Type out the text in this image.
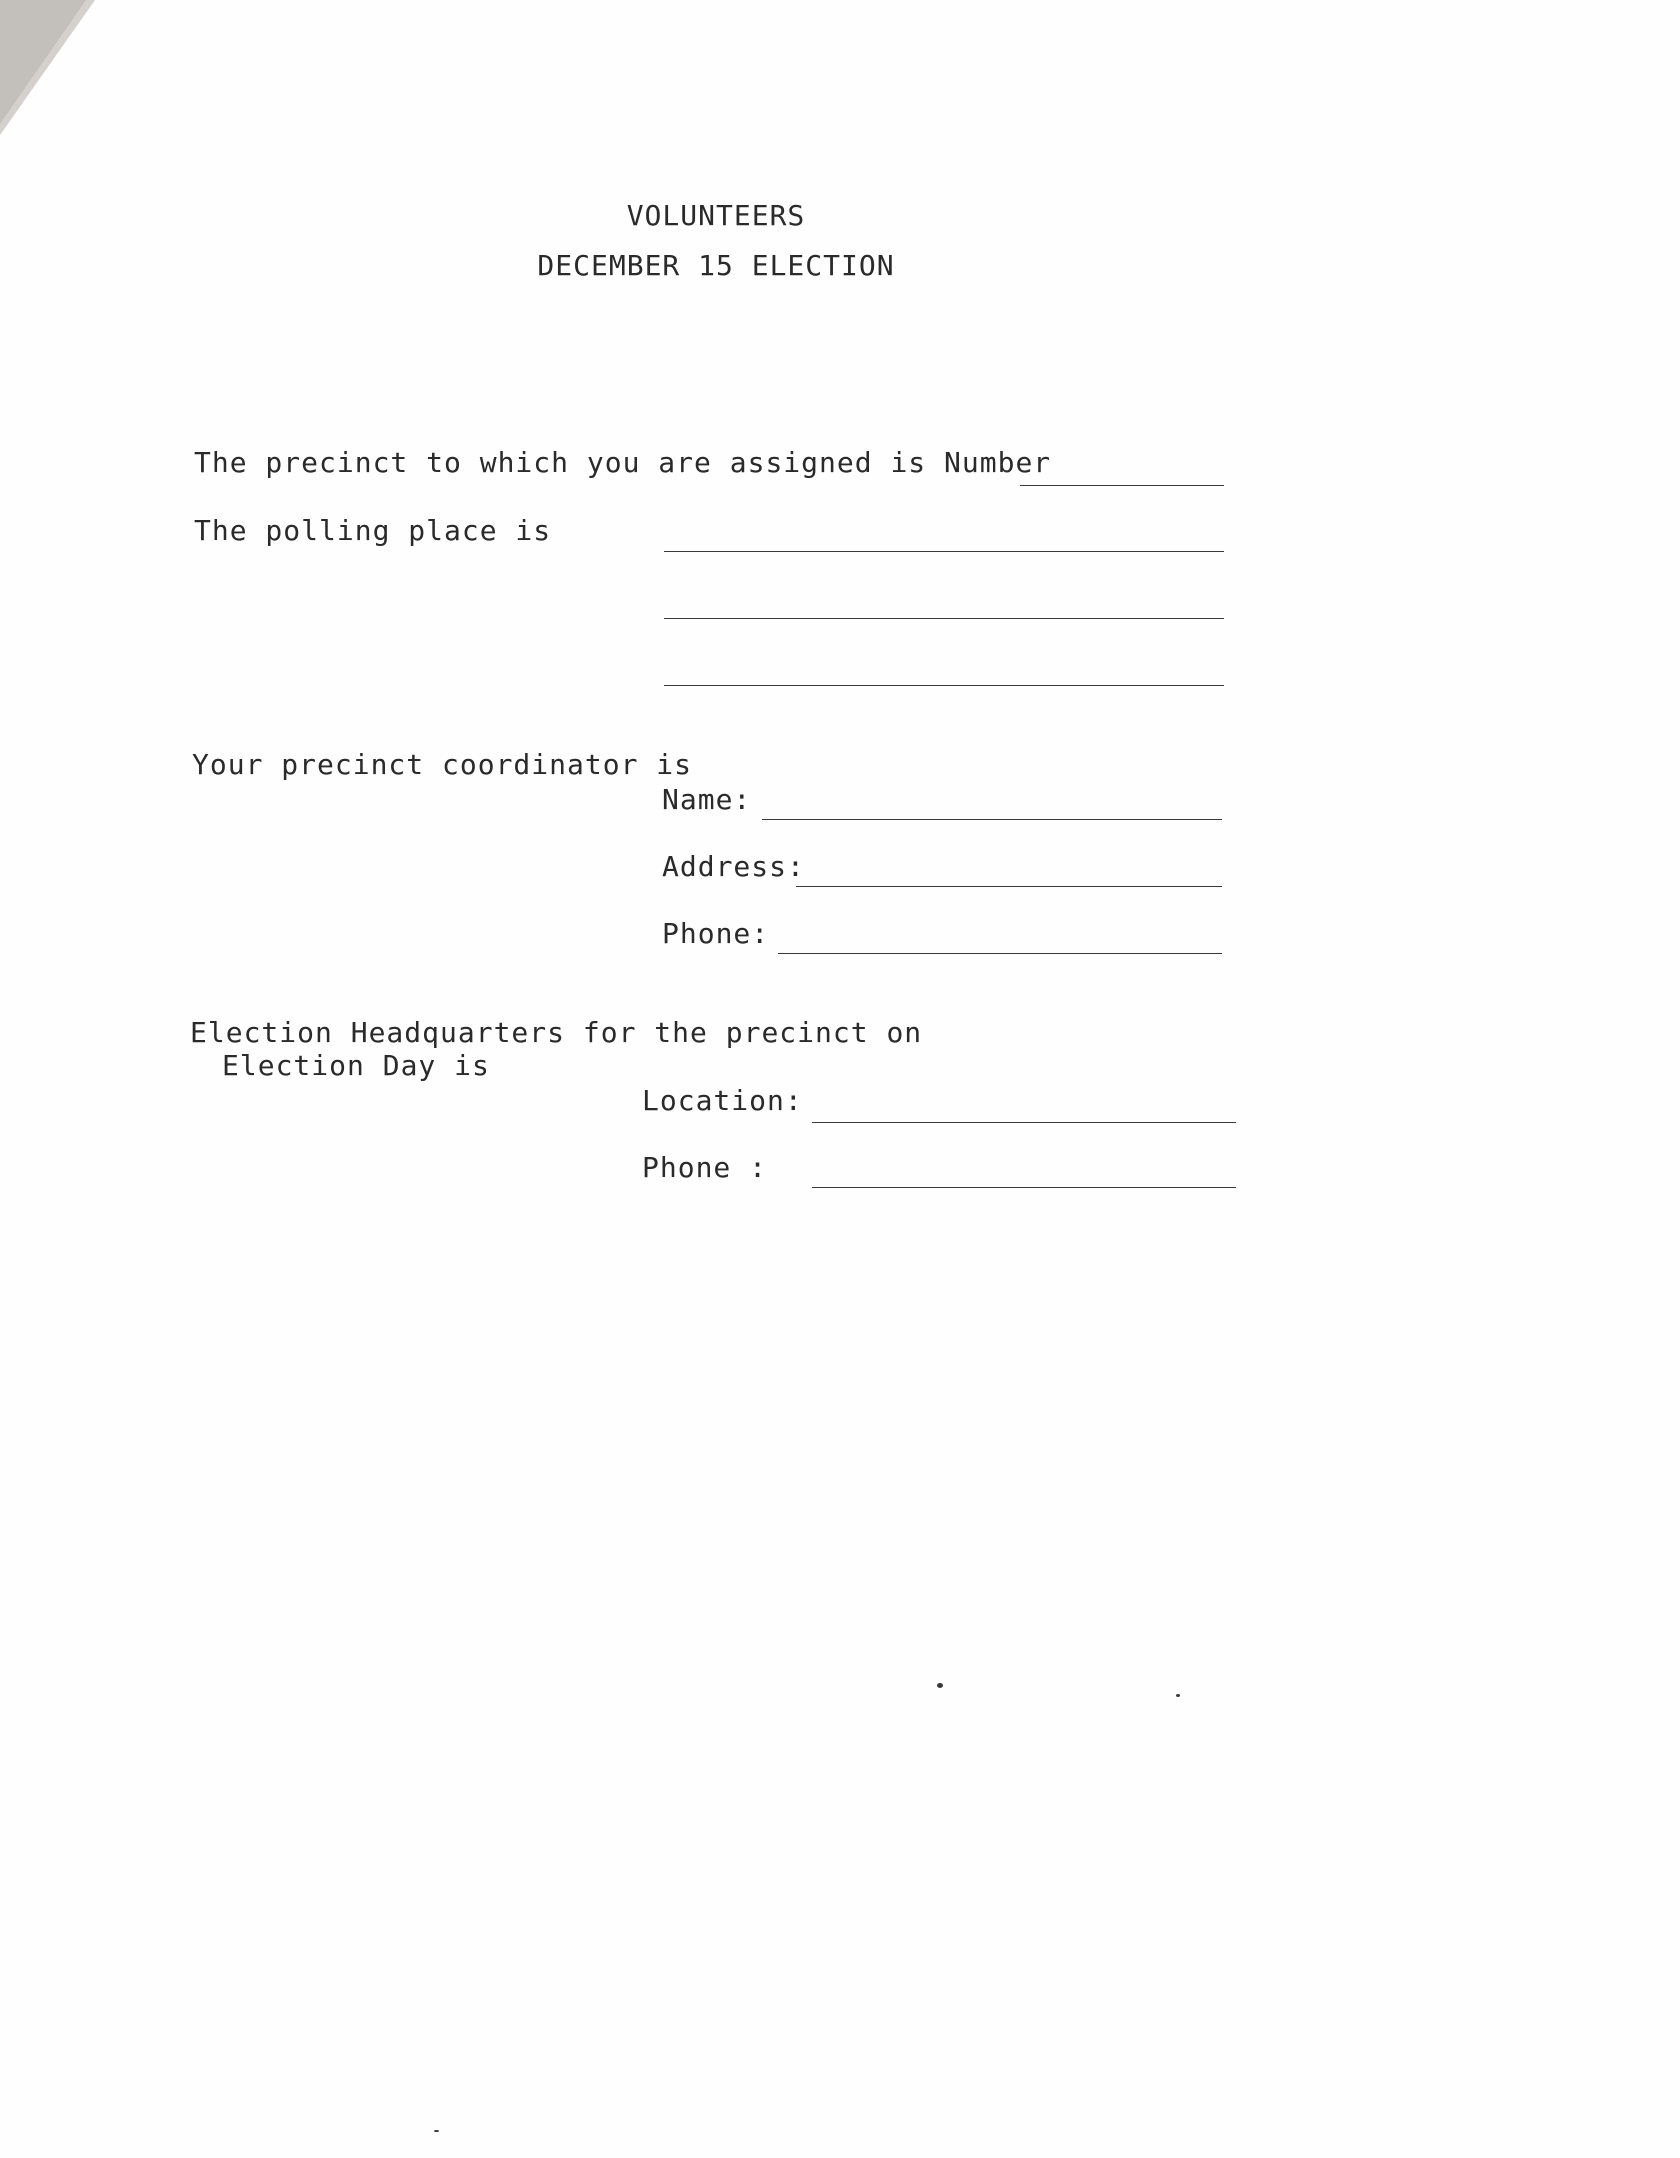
VOLUNTEERS
DECEMBER 15 ELECTION
The precinct to which you are assigned is Number
The polling place is
Your precinct coordinator is
Name:
Address:
Phone:
Election Headquarters for the precinct on
Election Day is
Location:
Phone :
